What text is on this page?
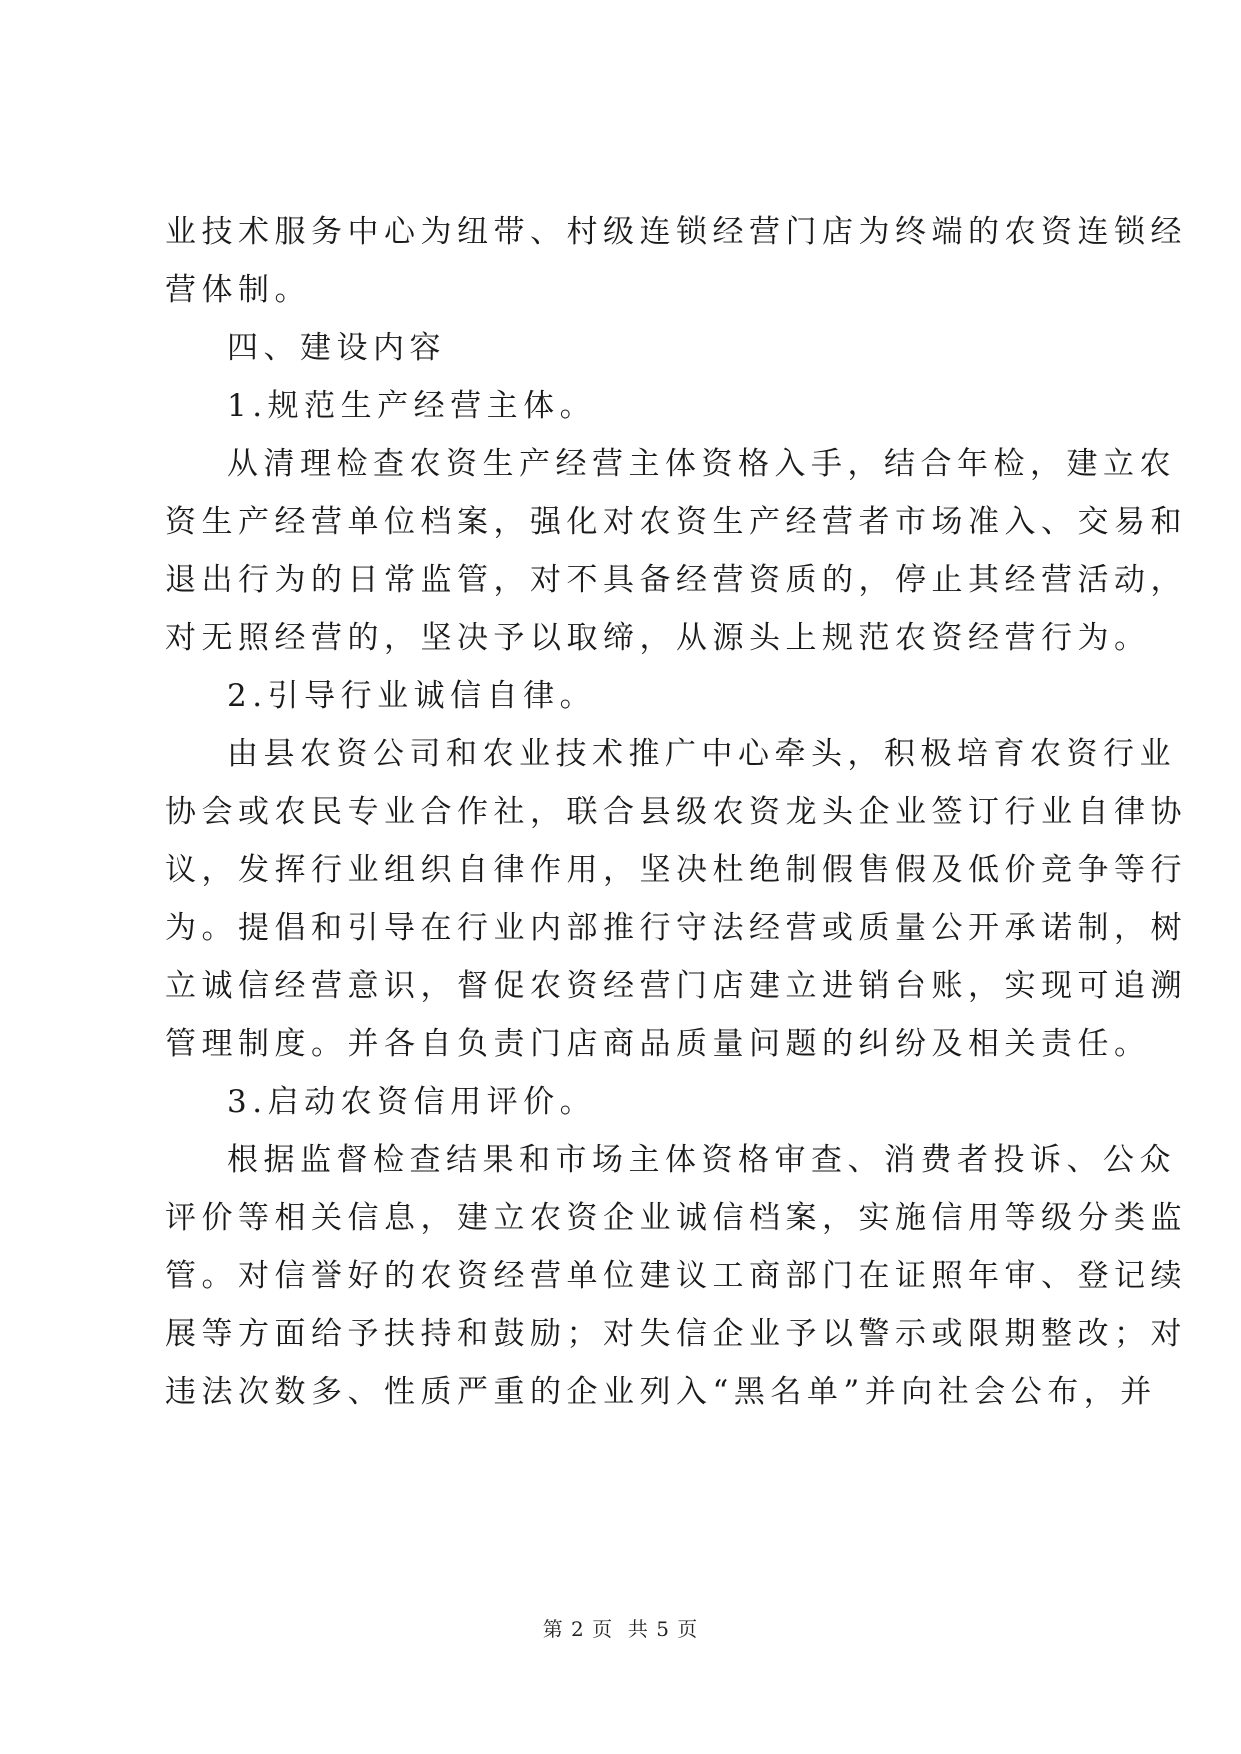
业技术服务中心为纽带、村级连锁经营门店为终端的农资连锁经
营体制。
四、建设内容
1.规范生产经营主体。
从清理检查农资生产经营主体资格入手，结合年检，建立农
资生产经营单位档案，强化对农资生产经营者市场准入、交易和
退出行为的日常监管，对不具备经营资质的，停止其经营活动，
对无照经营的，坚决予以取缔，从源头上规范农资经营行为。
2.引导行业诚信自律。
由县农资公司和农业技术推广中心牵头，积极培育农资行业
协会或农民专业合作社，联合县级农资龙头企业签订行业自律协
议，发挥行业组织自律作用，坚决杜绝制假售假及低价竞争等行
为。提倡和引导在行业内部推行守法经营或质量公开承诺制，树
立诚信经营意识，督促农资经营门店建立进销台账，实现可追溯
管理制度。并各自负责门店商品质量问题的纠纷及相关责任。
3.启动农资信用评价。
根据监督检查结果和市场主体资格审查、消费者投诉、公众
评价等相关信息，建立农资企业诚信档案，实施信用等级分类监
管。对信誉好的农资经营单位建议工商部门在证照年审、登记续
展等方面给予扶持和鼓励；对失信企业予以警示或限期整改；对
违法次数多、性质严重的企业列入“黑名单”并向社会公布，并
第 2 页  共 5 页
